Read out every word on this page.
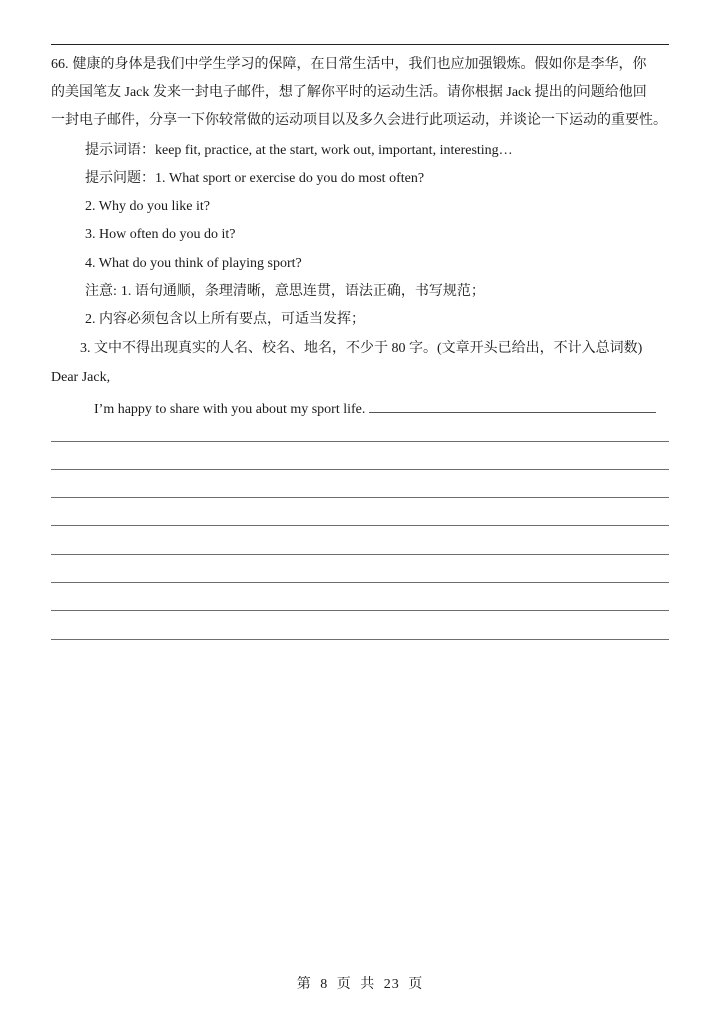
66. 健康的身体是我们中学生学习的保障，在日常生活中，我们也应加强锻炼。假如你是李华，你
的美国笔友 Jack 发来一封电子邮件，想了解你平时的运动生活。请你根据 Jack 提出的问题给他回
一封电子邮件，分享一下你较常做的运动项目以及多久会进行此项运动，并谈论一下运动的重要性。
提示词语：keep fit, practice, at the start, work out, important, interesting…
提示问题：1. What sport or exercise do you do most often?
2. Why do you like it?
3. How often do you do it?
4. What do you think of playing sport?
注意: 1. 语句通顺，条理清晰，意思连贯，语法正确，书写规范；
2. 内容必须包含以上所有要点，可适当发挥；
3. 文中不得出现真实的人名、校名、地名，不少于 80 字。(文章开头已给出，不计入总词数)
Dear Jack,
I’m happy to share with you about my sport life.
第 8 页 共 23 页
